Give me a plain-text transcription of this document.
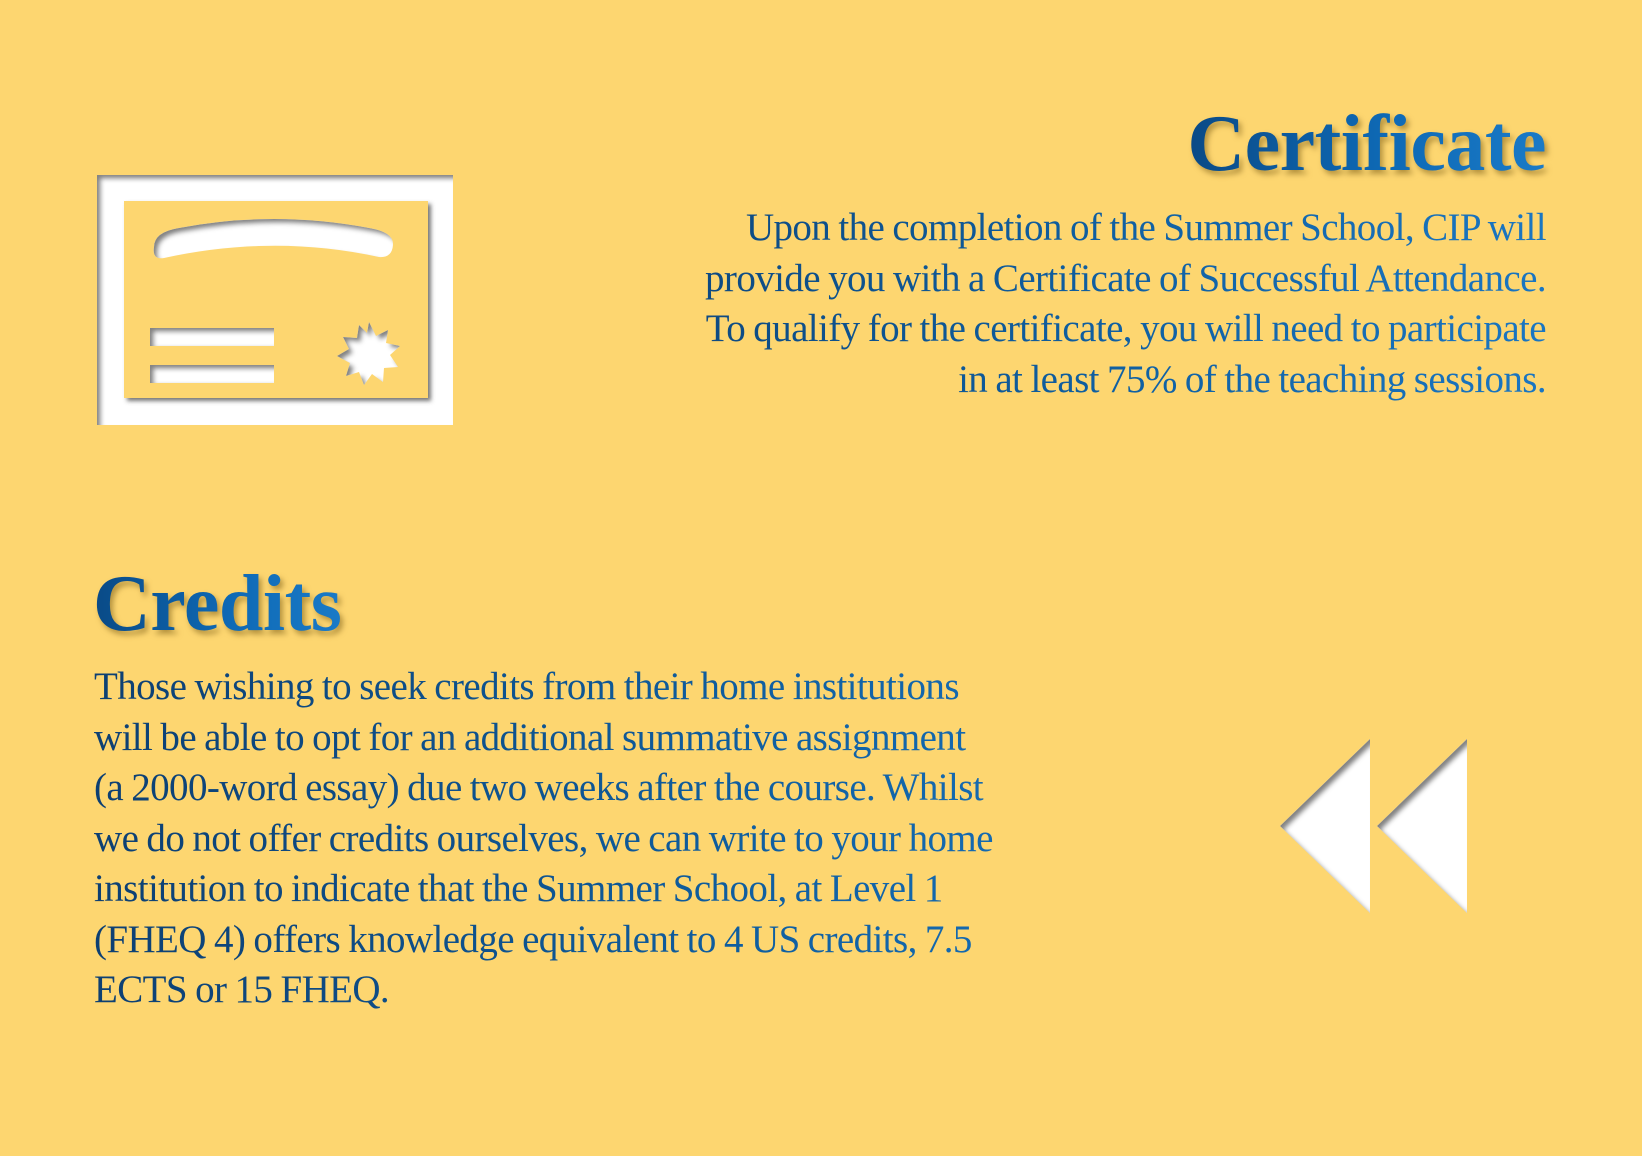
Certificate

Upon the completion of the Summer School, CIP will
provide you with a Certificate of Successful Attendance.
To qualify for the certificate, you will need to participate
in at least 75% of the teaching sessions.

Credits

Those wishing to seek credits from their home institutions
will be able to opt for an additional summative assignment
(a 2000-word essay) due two weeks after the course. Whilst
we do not offer credits ourselves, we can write to your home
institution to indicate that the Summer School, at Level 1
(FHEQ 4) offers knowledge equivalent to 4 US credits, 7.5
ECTS or 15 FHEQ.
